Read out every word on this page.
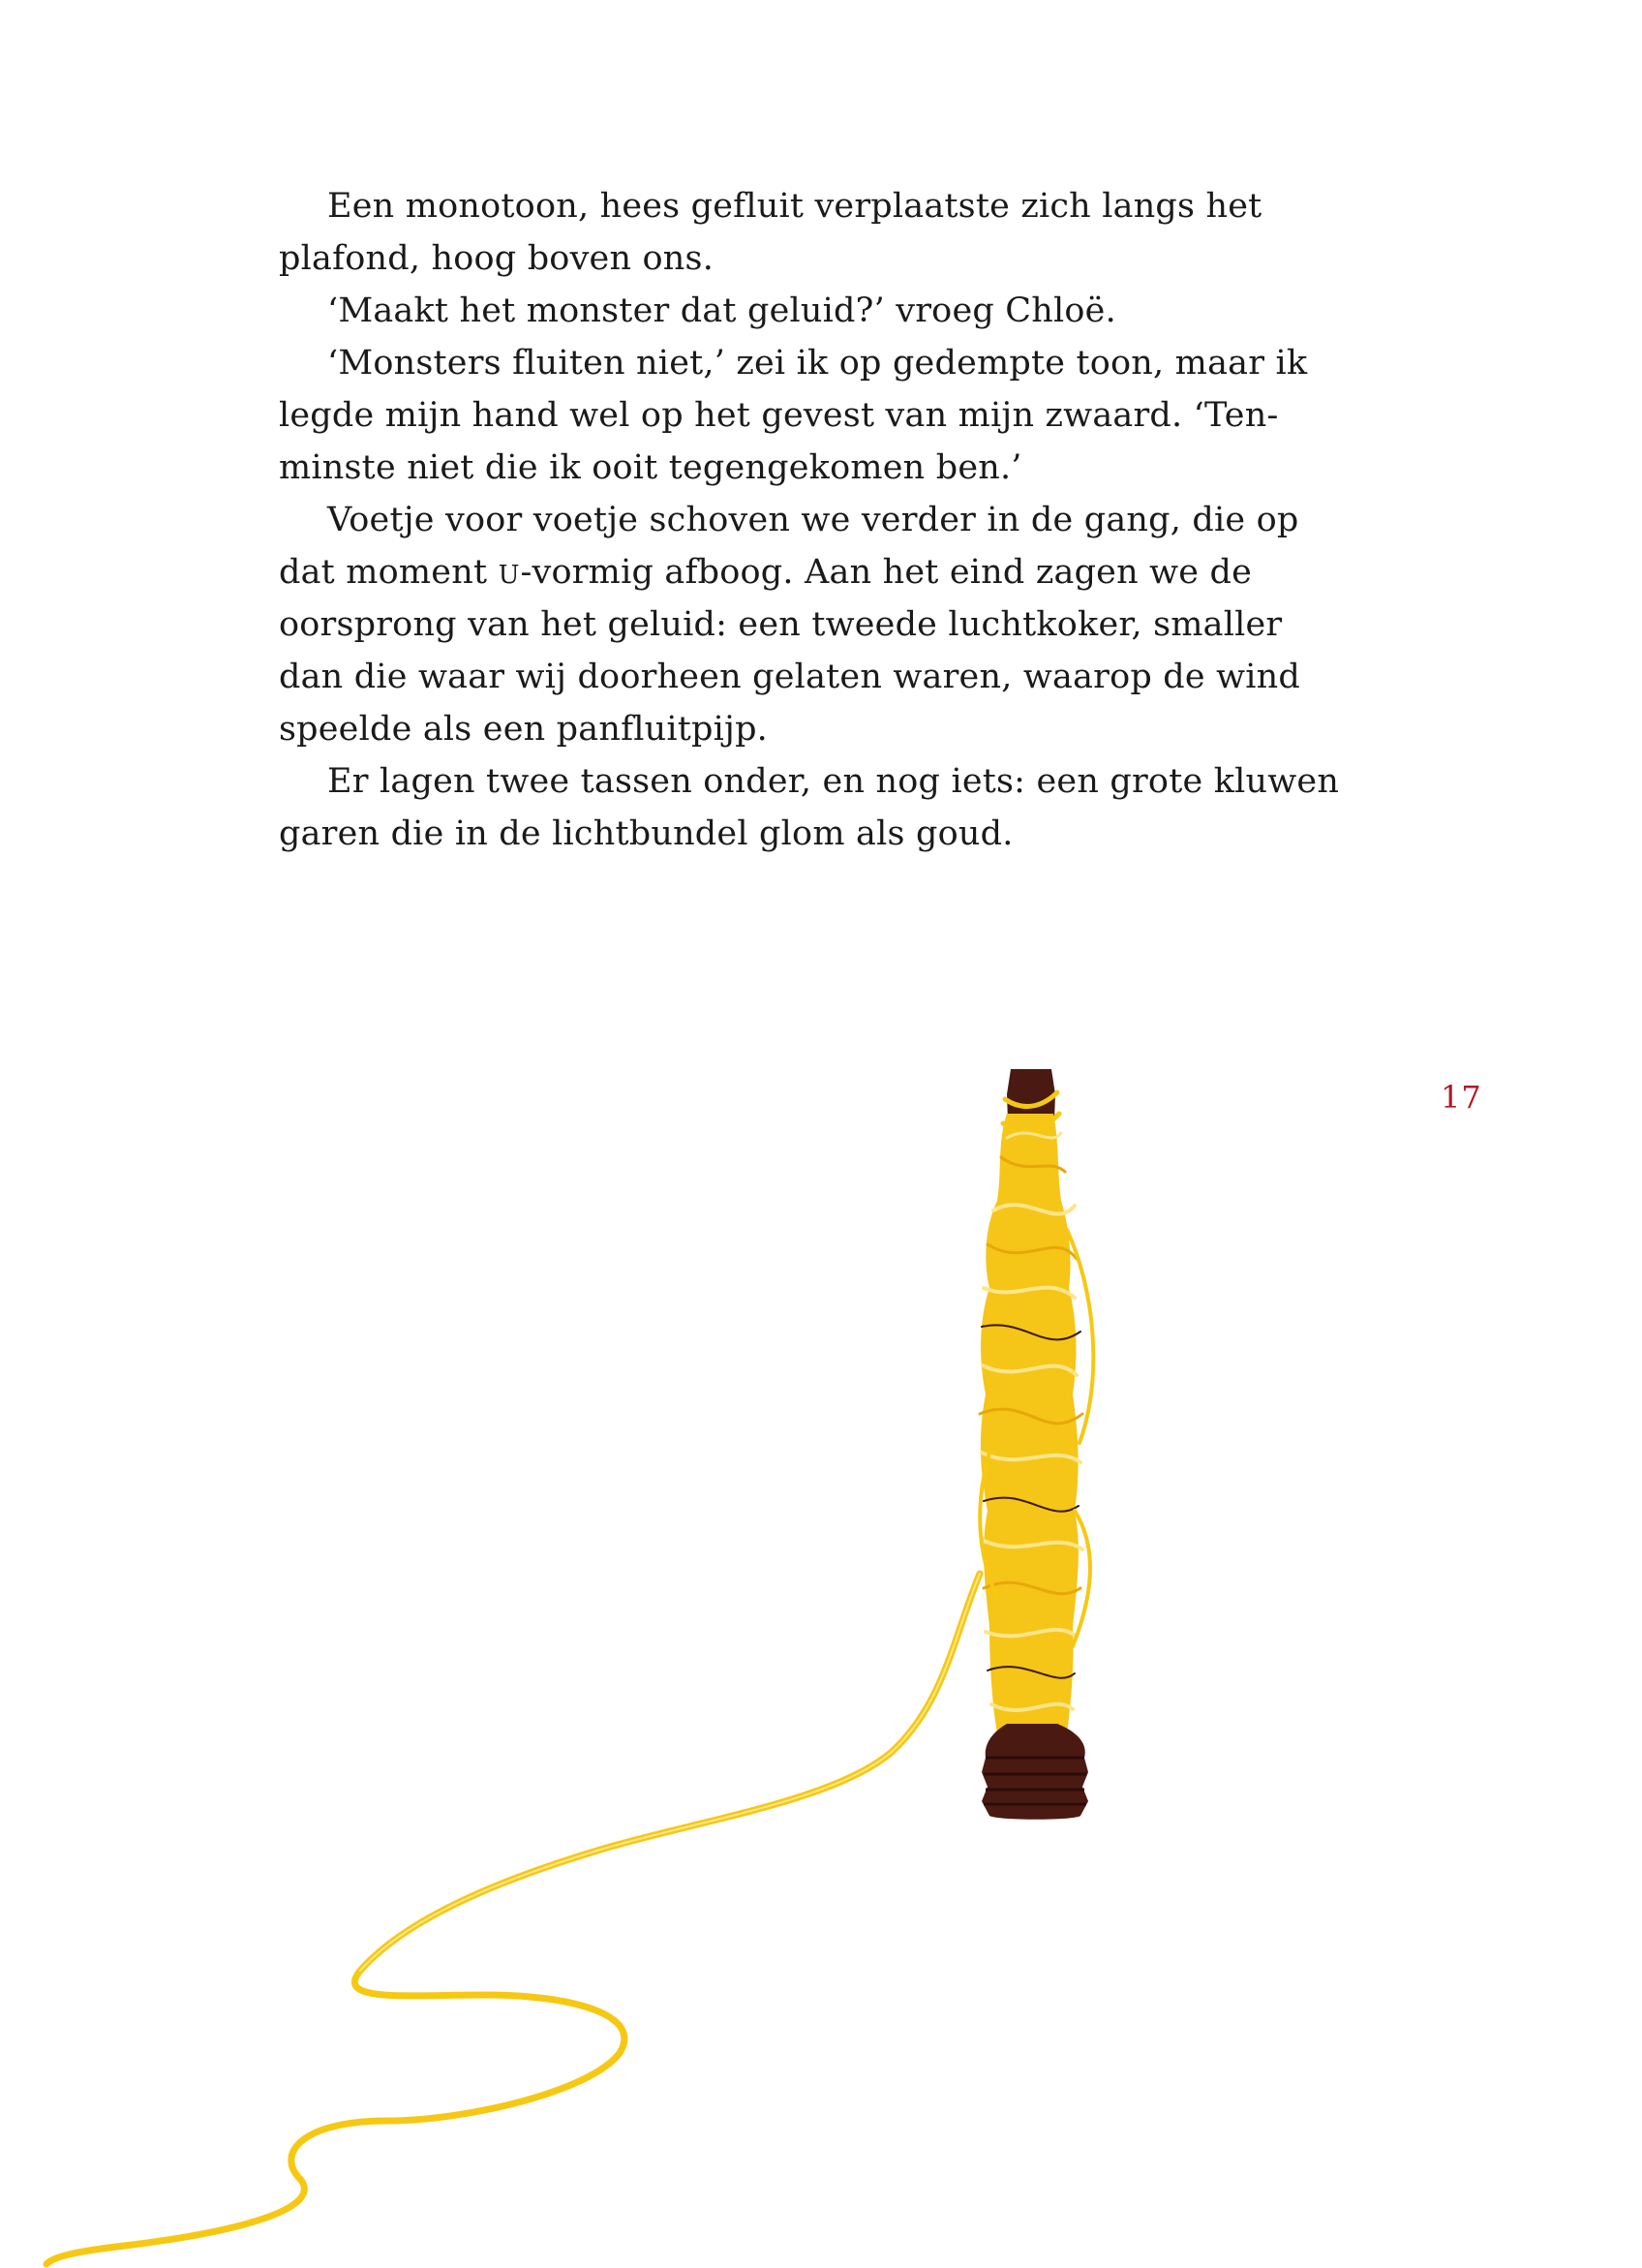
Een monotoon, hees gefluit verplaatste zich langs het
plafond, hoog boven ons.
‘Maakt het monster dat geluid?’ vroeg Chloë.
‘Monsters fluiten niet,’ zei ik op gedempte toon, maar ik
legde mijn hand wel op het gevest van mijn zwaard. ‘Ten-
minste niet die ik ooit tegengekomen ben.’
Voetje voor voetje schoven we verder in de gang, die op
dat moment U-vormig afboog. Aan het eind zagen we de
oorsprong van het geluid: een tweede luchtkoker, smaller
dan die waar wij doorheen gelaten waren, waarop de wind
speelde als een panfluitpijp.
Er lagen twee tassen onder, en nog iets: een grote kluwen
garen die in de lichtbundel glom als goud.
17
